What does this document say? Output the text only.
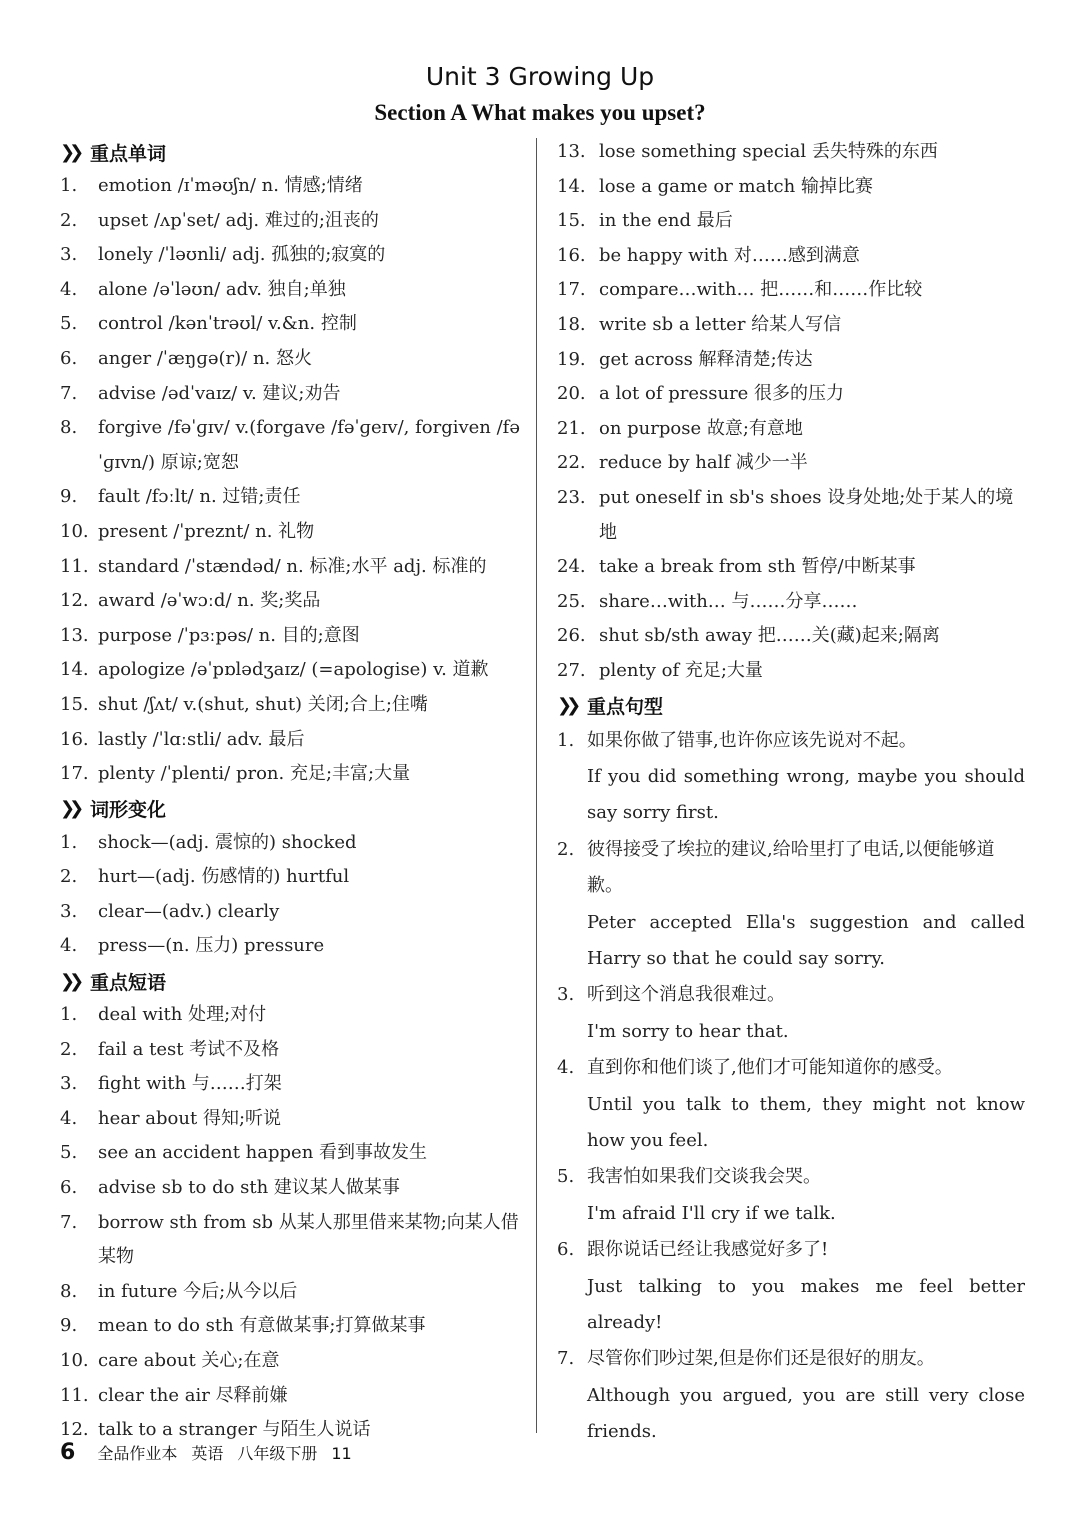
Unit 3 Growing Up
Section A What makes you upset?
❯❯ 重点单词
1.	emotion /ɪˈməʊʃn/ n. 情感;情绪
2.	upset /ʌpˈset/ adj. 难过的;沮丧的
3.	lonely /ˈləʊnli/ adj. 孤独的;寂寞的
4.	alone /əˈləʊn/ adv. 独自;单独
5.	control /kənˈtrəʊl/ v.&n. 控制
6.	anger /ˈæŋɡə(r)/ n. 怒火
7.	advise /ədˈvaɪz/ v. 建议;劝告
8.	forgive /fəˈɡɪv/ v.(forgave /fəˈɡeɪv/, forgiven /fəˈɡɪvn/) 原谅;宽恕
9.	fault /fɔːlt/ n. 过错;责任
10. present /ˈpreznt/ n. 礼物
11. standard /ˈstændəd/ n. 标准;水平 adj. 标准的
12. award /əˈwɔːd/ n. 奖;奖品
13. purpose /ˈpɜːpəs/ n. 目的;意图
14. apologize /əˈpɒlədʒaɪz/ (=apologise) v. 道歉
15. shut /ʃʌt/ v.(shut, shut) 关闭;合上;住嘴
16. lastly /ˈlɑːstli/ adv. 最后
17. plenty /ˈplenti/ pron. 充足;丰富;大量
❯❯ 词形变化
1.	shock—(adj. 震惊的) shocked
2.	hurt—(adj. 伤感情的) hurtful
3.	clear—(adv.) clearly
4.	press—(n. 压力) pressure
❯❯ 重点短语
1.	deal with 处理;对付
2.	fail a test 考试不及格
3.	fight with 与……打架
4.	hear about 得知;听说
5.	see an accident happen 看到事故发生
6.	advise sb to do sth 建议某人做某事
7.	borrow sth from sb 从某人那里借来某物;向某人借某物
8.	in future 今后;从今以后
9.	mean to do sth 有意做某事;打算做某事
10. care about 关心;在意
11. clear the air 尽释前嫌
12. talk to a stranger 与陌生人说话
13. lose something special 丢失特殊的东西
14. lose a game or match 输掉比赛
15. in the end 最后
16. be happy with 对……感到满意
17. compare…with… 把……和……作比较
18. write sb a letter 给某人写信
19. get across 解释清楚;传达
20. a lot of pressure 很多的压力
21. on purpose 故意;有意地
22. reduce by half 减少一半
23. put oneself in sb's shoes 设身处地;处于某人的境地
24. take a break from sth 暂停/中断某事
25. share…with… 与……分享……
26. shut sb/sth away 把……关(藏)起来;隔离
27. plenty of 充足;大量
❯❯ 重点句型
1. 如果你做了错事,也许你应该先说对不起。
If you did something wrong, maybe you should say sorry first.
2. 彼得接受了埃拉的建议,给哈里打了电话,以便能够道歉。
Peter accepted Ella's suggestion and called Harry so that he could say sorry.
3. 听到这个消息我很难过。
I'm sorry to hear that.
4. 直到你和他们谈了,他们才可能知道你的感受。
Until you talk to them, they might not know how you feel.
5. 我害怕如果我们交谈我会哭。
I'm afraid I'll cry if we talk.
6. 跟你说话已经让我感觉好多了!
Just talking to you makes me feel better already!
7. 尽管你们吵过架,但是你们还是很好的朋友。
Although you argued, you are still very close friends.
6 全品作业本 英语 八年级下册 11
